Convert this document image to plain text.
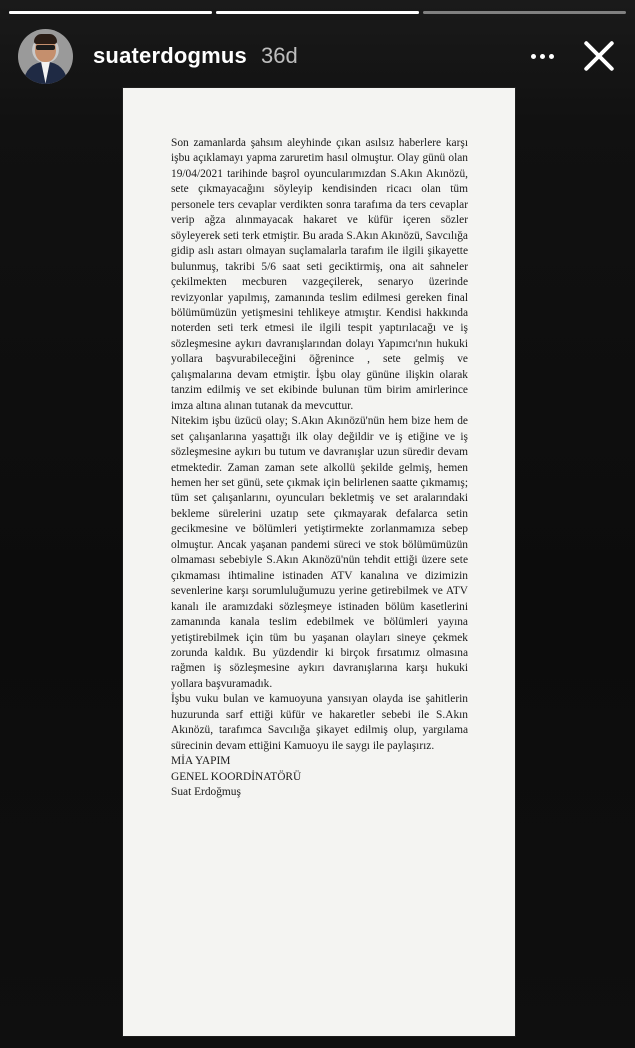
suaterdogmus 36d

Son zamanlarda şahsım aleyhinde çıkan asılsız haberlere karşı işbu açıklamayı yapma zaruretim hasıl olmuştur. Olay günü olan 19/04/2021 tarihinde başrol oyuncularımızdan S.Akın Akınözü, sete çıkmayacağını söyleyip kendisinden ricacı olan tüm personele ters cevaplar verdikten sonra tarafıma da ters cevaplar verip ağza alınmayacak hakaret ve küfür içeren sözler söyleyerek seti terk etmiştir. Bu arada S.Akın Akınözü, Savcılığa gidip aslı astarı olmayan suçlamalarla tarafım ile ilgili şikayette bulunmuş, takribi 5/6 saat seti geciktirmiş, ona ait sahneler çekilmekten mecburen vazgeçilerek, senaryo üzerinde revizyonlar yapılmış, zamanında teslim edilmesi gereken final bölümümüzün yetişmesini tehlikeye atmıştır. Kendisi hakkında noterden seti terk etmesi ile ilgili tespit yaptırılacağı ve iş sözleşmesine aykırı davranışlarından dolayı Yapımcı'nın hukuki yollara başvurabileceğini öğrenince , sete gelmiş ve çalışmalarına devam etmiştir. İşbu olay gününe ilişkin olarak tanzim edilmiş ve set ekibinde bulunan tüm birim amirlerince imza altına alınan tutanak da mevcuttur.

Nitekim işbu üzücü olay; S.Akın Akınözü'nün hem bize hem de set çalışanlarına yaşattığı ilk olay değildir ve iş etiğine ve iş sözleşmesine aykırı bu tutum ve davranışlar uzun süredir devam etmektedir. Zaman zaman sete alkollü şekilde gelmiş, hemen hemen her set günü, sete çıkmak için belirlenen saatte çıkmamış; tüm set çalışanlarını, oyuncuları bekletmiş ve set aralarındaki bekleme sürelerini uzatıp sete çıkmayarak defalarca setin gecikmesine ve bölümleri yetiştirmekte zorlanmamıza sebep olmuştur. Ancak yaşanan pandemi süreci ve stok bölümümüzün olmaması sebebiyle S.Akın Akınözü'nün tehdit ettiği üzere sete çıkmaması ihtimaline istinaden ATV kanalına ve dizimizin sevenlerine karşı sorumluluğumuzu yerine getirebilmek ve ATV kanalı ile aramızdaki sözleşmeye istinaden bölüm kasetlerini zamanında kanala teslim edebilmek ve bölümleri yayına yetiştirebilmek için tüm bu yaşanan olayları sineye çekmek zorunda kaldık. Bu yüzdendir ki birçok fırsatımız olmasına rağmen iş sözleşmesine aykırı davranışlarına karşı hukuki yollara başvuramadık.

İşbu vuku bulan ve kamuoyuna yansıyan olayda ise şahitlerin huzurunda sarf ettiği küfür ve hakaretler sebebi ile S.Akın Akınözü, tarafımca Savcılığa şikayet edilmiş olup, yargılama sürecinin devam ettiğini Kamuoyu ile saygı ile paylaşırız.

MİA YAPIM

GENEL KOORDİNATÖRÜ

Suat Erdoğmuş
